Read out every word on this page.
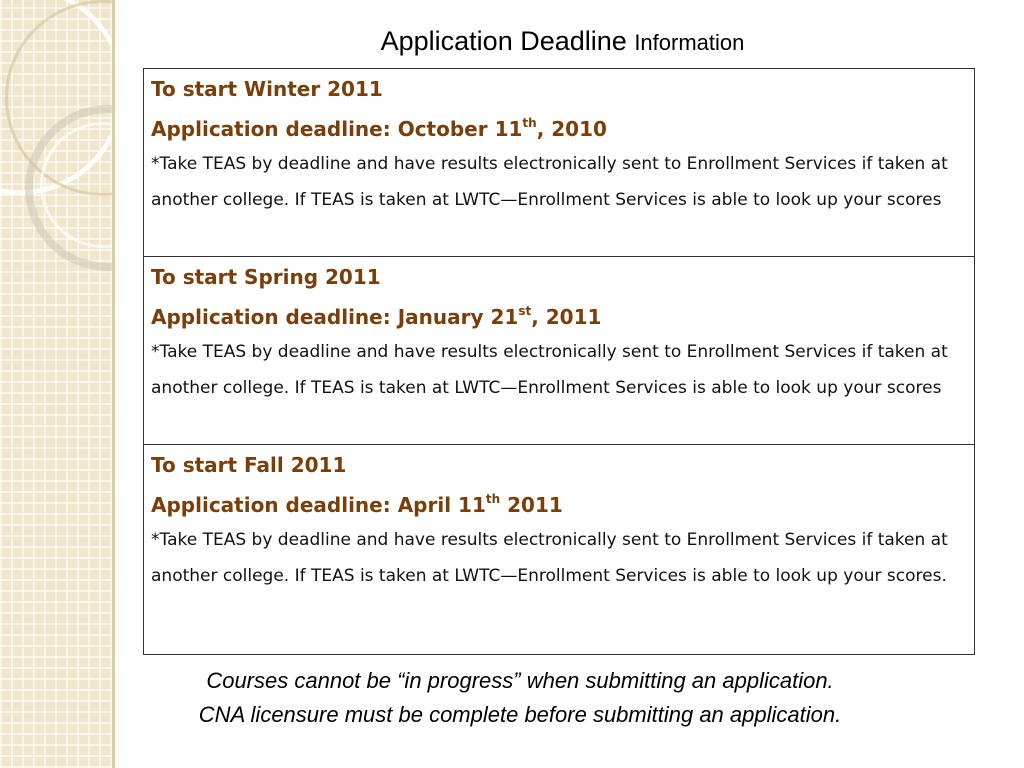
Application Deadline Information

To start Winter 2011

Application deadline: October 11th, 2010

*Take TEAS by deadline and have results electronically sent to Enrollment Services if taken at another college. If TEAS is taken at LWTC—Enrollment Services is able to look up your scores

To start Spring 2011

Application deadline: January 21st, 2011

*Take TEAS by deadline and have results electronically sent to Enrollment Services if taken at another college. If TEAS is taken at LWTC—Enrollment Services is able to look up your scores

To start Fall 2011

Application deadline: April 11th 2011

*Take TEAS by deadline and have results electronically sent to Enrollment Services if taken at another college. If TEAS is taken at LWTC—Enrollment Services is able to look up your scores.

Courses cannot be “in progress” when submitting an application.
CNA licensure must be complete before submitting an application.
